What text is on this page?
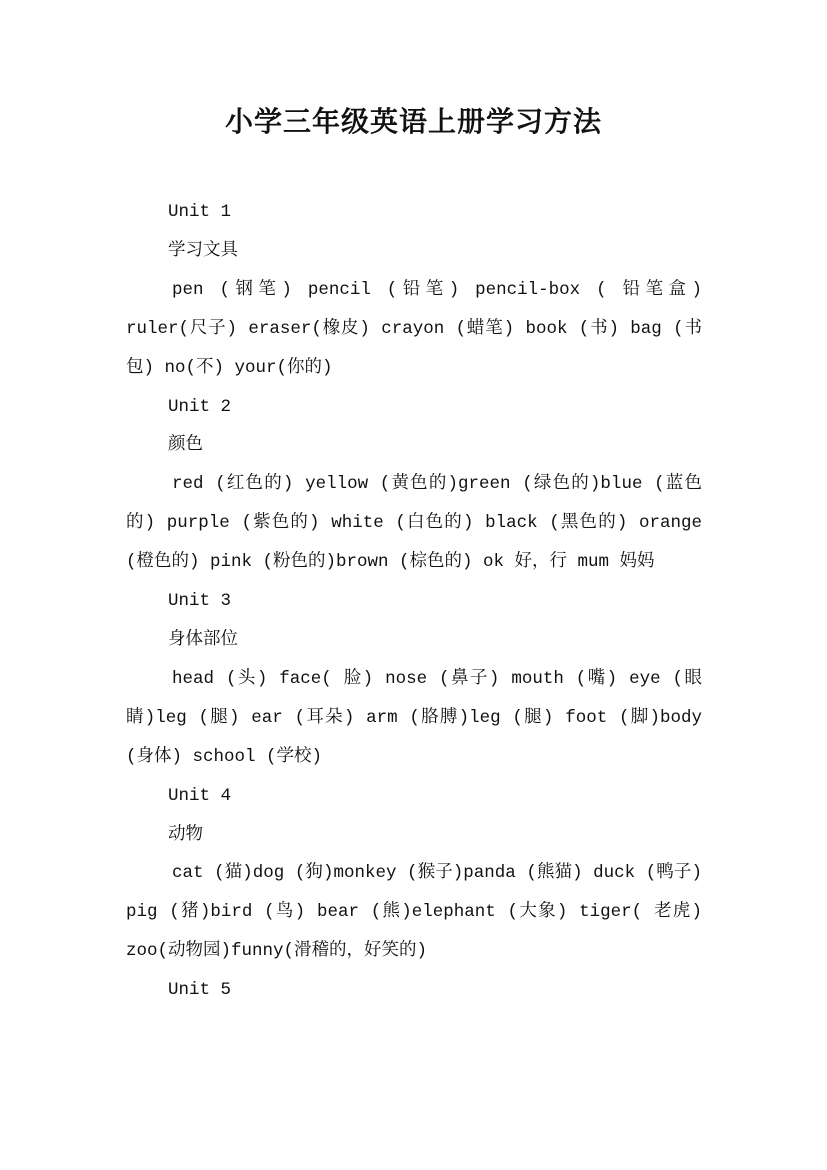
小学三年级英语上册学习方法
Unit 1
学习文具
pen (钢笔) pencil (铅笔) pencil-box ( 铅笔盒) ruler(尺子) eraser(橡皮) crayon (蜡笔) book (书) bag (书包) no(不) your(你的)
Unit 2
颜色
red (红色的) yellow (黄色的)green (绿色的)blue (蓝色的) purple (紫色的) white (白色的) black (黑色的) orange (橙色的) pink (粉色的)brown (棕色的) ok 好，行 mum 妈妈
Unit 3
身体部位
head (头) face( 脸) nose (鼻子) mouth (嘴) eye (眼睛)leg (腿) ear (耳朵) arm (胳膊)leg (腿) foot (脚)body (身体) school (学校)
Unit 4
动物
cat (猫)dog (狗)monkey (猴子)panda (熊猫) duck (鸭子) pig (猪)bird (鸟) bear (熊)elephant (大象) tiger( 老虎) zoo(动物园)funny(滑稽的，好笑的)
Unit 5
